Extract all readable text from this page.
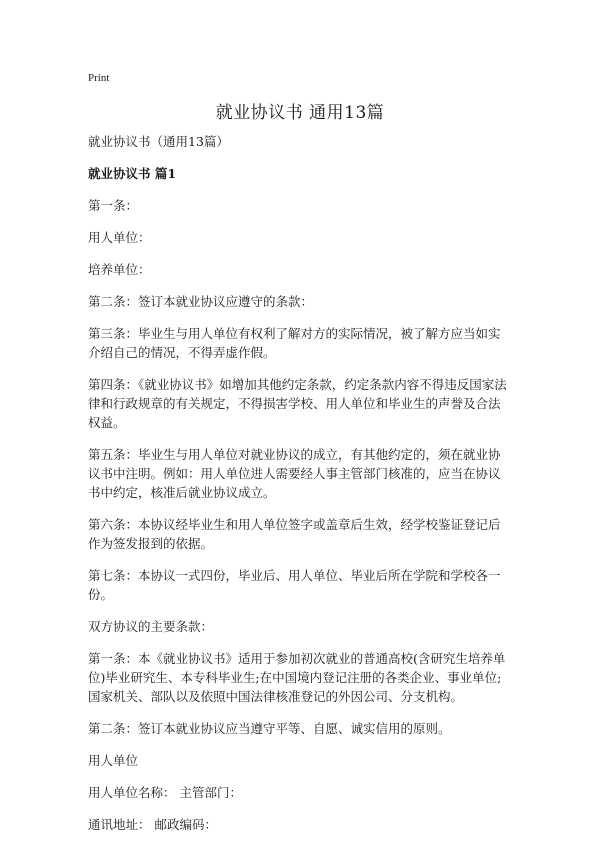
Print
就业协议书 通用13篇

就业协议书（通用13篇）

就业协议书 篇1

第一条：

用人单位：

培养单位：

第二条：签订本就业协议应遵守的条款：

第三条：毕业生与用人单位有权利了解对方的实际情况，被了解方应当如实介绍自己的情况，不得弄虚作假。

第四条：《就业协议书》如增加其他约定条款，约定条款内容不得违反国家法律和行政规章的有关规定，不得损害学校、用人单位和毕业生的声誉及合法权益。

第五条：毕业生与用人单位对就业协议的成立，有其他约定的，须在就业协议书中注明。例如：用人单位进人需要经人事主管部门核准的，应当在协议书中约定，核准后就业协议成立。

第六条：本协议经毕业生和用人单位签字或盖章后生效，经学校鉴证登记后作为签发报到的依据。

第七条：本协议一式四份，毕业后、用人单位、毕业后所在学院和学校各一份。

双方协议的主要条款：

第一条：本《就业协议书》适用于参加初次就业的普通高校(含研究生培养单位)毕业研究生、本专科毕业生;在中国境内登记注册的各类企业、事业单位;国家机关、部队以及依照中国法律核准登记的外因公司、分支机构。

第二条：签订本就业协议应当遵守平等、自愿、诚实信用的原则。

用人单位

用人单位名称： 主管部门：

通讯地址： 邮政编码：
